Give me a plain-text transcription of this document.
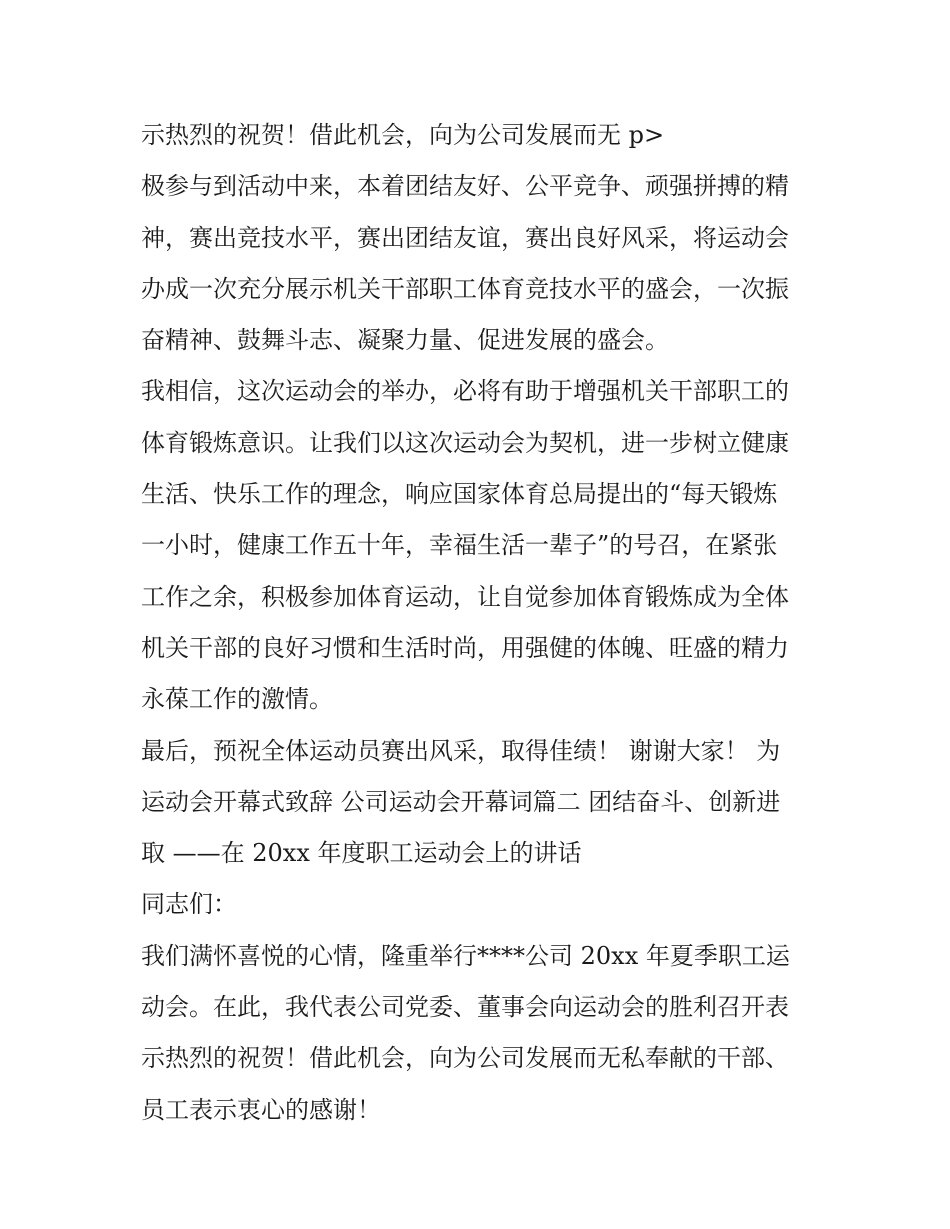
示热烈的祝贺！借此机会，向为公司发展而无 p>
极参与到活动中来，本着团结友好、公平竞争、顽强拼搏的精
神，赛出竞技水平，赛出团结友谊，赛出良好风采，将运动会
办成一次充分展示机关干部职工体育竞技水平的盛会，一次振
奋精神、鼓舞斗志、凝聚力量、促进发展的盛会。
我相信，这次运动会的举办，必将有助于增强机关干部职工的
体育锻炼意识。让我们以这次运动会为契机，进一步树立健康
生活、快乐工作的理念，响应国家体育总局提出的“每天锻炼
一小时，健康工作五十年，幸福生活一辈子”的号召，在紧张
工作之余，积极参加体育运动，让自觉参加体育锻炼成为全体
机关干部的良好习惯和生活时尚，用强健的体魄、旺盛的精力
永葆工作的激情。
最后，预祝全体运动员赛出风采，取得佳绩！ 谢谢大家！ 为
运动会开幕式致辞 公司运动会开幕词篇二 团结奋斗、创新进
取 ——在 20xx 年度职工运动会上的讲话
同志们：
我们满怀喜悦的心情，隆重举行****公司 20xx 年夏季职工运
动会。在此，我代表公司党委、董事会向运动会的胜利召开表
示热烈的祝贺！借此机会，向为公司发展而无私奉献的干部、
员工表示衷心的感谢！
